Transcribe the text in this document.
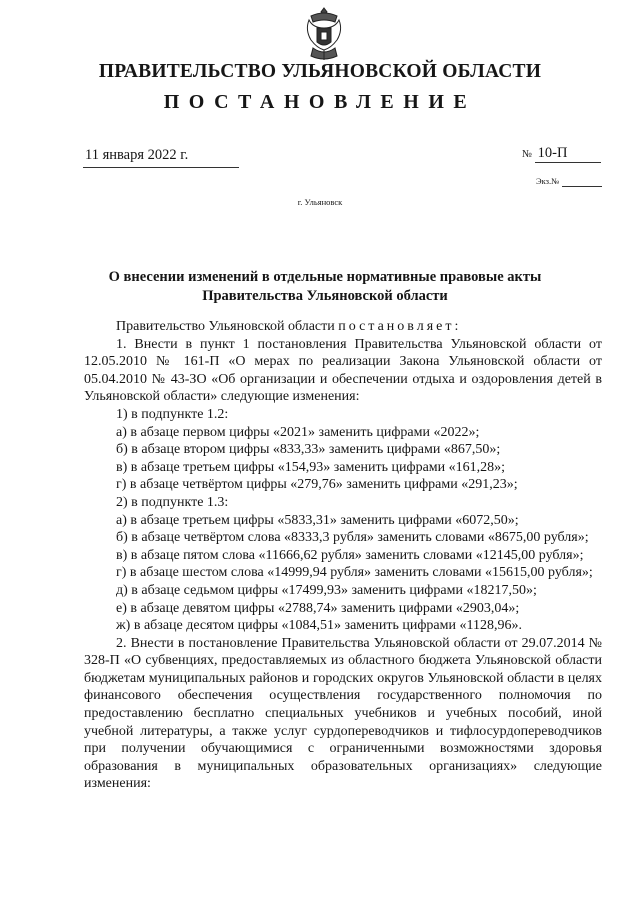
ПРАВИТЕЛЬСТВО УЛЬЯНОВСКОЙ ОБЛАСТИ
ПОСТАНОВЛЕНИЕ
11 января 2022 г.	№ 10-П
Экз.№
г. Ульяновск
О внесении изменений в отдельные нормативные правовые акты Правительства Ульяновской области

Правительство Ульяновской области постановляет:

1. Внести в пункт 1 постановления Правительства Ульяновской области от 12.05.2010 № 161-П «О мерах по реализации Закона Ульяновской области от 05.04.2010 № 43-ЗО «Об организации и обеспечении отдыха и оздоровления детей в Ульяновской области» следующие изменения:

1) в подпункте 1.2:

а) в абзаце первом цифры «2021» заменить цифрами «2022»;

б) в абзаце втором цифры «833,33» заменить цифрами «867,50»;

в) в абзаце третьем цифры «154,93» заменить цифрами «161,28»;

г) в абзаце четвёртом цифры «279,76» заменить цифрами «291,23»;

2) в подпункте 1.3:

а) в абзаце третьем цифры «5833,31» заменить цифрами «6072,50»;

б) в абзаце четвёртом слова «8333,3 рубля» заменить словами «8675,00 рубля»;

в) в абзаце пятом слова «11666,62 рубля» заменить словами «12145,00 рубля»;

г) в абзаце шестом слова «14999,94 рубля» заменить словами «15615,00 рубля»;

д) в абзаце седьмом цифры «17499,93» заменить цифрами «18217,50»;

е) в абзаце девятом цифры «2788,74» заменить цифрами «2903,04»;

ж) в абзаце десятом цифры «1084,51» заменить цифрами «1128,96».

2. Внести в постановление Правительства Ульяновской области от 29.07.2014 № 328-П «О субвенциях, предоставляемых из областного бюджета Ульяновской области бюджетам муниципальных районов и городских округов Ульяновской области в целях финансового обеспечения осуществления государственного полномочия по предоставлению бесплатно специальных учебников и учебных пособий, иной учебной литературы, а также услуг сурдопереводчиков и тифлосурдопереводчиков при получении обучающимися с ограниченными возможностями здоровья образования в муниципальных образовательных организациях» следующие изменения:
